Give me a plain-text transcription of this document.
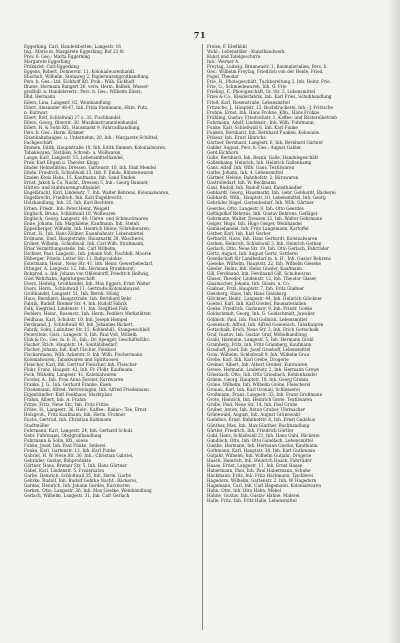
71

Eggerking, Carl, Handelsbotten, Langestr. 16

Ing.: Marie m. Margarete Eggerking, Rof 22 0t

Prov. 6. Geo.: Marta Eggerking

Margarete Eggerking

Prokurist: Carl Eggerking

Eggens, Robert, Donnerstr. 11, Kolonialwarenhandl.

Ebscholt, Wilhelm, Steinweg 2, Papierwarengroßhandlung.

Pers. h. Ges.: Ltd. Eickhoff Kfl. Prok.: Wilh. Eickhoff

Blume, Hermann Bangert 26, verw. Herm. Balbek, Wasser-

großhdl. n. Handelsvertr., Pers. h. Ges.: Wilhelm Eilers,

Ehd. Hermann

Eilers, Lina, Langestr. 82, Weinhandlung

Eilert, Alexander 48-47, Inh. Frida Steinmann, Hüte, Putz,

n. Kurzwar.

Eilert, Rolf, Schloßwall 27 u. 32, Fischhandel.

Eilers, Georg, Oberstr. 30, Musikinstrumentenhandel

Eilert, H. & Sohn Kfl., Hausmarkt 9, Fahrradhandlung,

Pers. h. Ges.: Herm. Krämer

Eisenbahnbauges. u. Unternehm. 20, Inh.: Margarete Schüttel,

Fachgeschäft

Emmen, Edith, Hauptstraße 10, Inh. Edith Emmen, Kolonialwaren,

Tabakwaren, Textilien, Schreib- u. Wollwaren

Lange, Karl, Langestr. 15, Lebensmittelhandel,

Prok. Karl Eitgen u. Theodor Klopp

Emder Heimstätten, Dressen, Gartenstr. 10, Inh. Emil Mendel

Emde, Friedrich, Schloßwall 13, Inh. F. Emde, Bürstenwaren

Emden Kreis Hans, 15, Kaufmann, Inh. Sand Emden

Ernst, Jakob & Co. Nachf., Dressen 5, Inh.: Georg Bannier,

Hütten- und Stahlwarengroßhandel

Engelbracht, Karl, Lindenstr. 7, Inh. Walter Behrens, Kolonialwaren,

Engelbrecht, Friedrich, Inh. Karl Engelbrecht,

Holzhandlung, Inh. 25, Inh. Karl Rechtern

Erben, Friedr., Inh. Peter Heinr. Weigelt

Englisch, Bruno, Schloßwall 10, Wollwaren

Englisch, Georg, Langestr. 40, Uhren- und Schmuckwaren

Enne, Johann, Inh. Magdalene, Kaufmann, Inh. Steinh.

Eppenberger, Wilhelm, Inh. Heinrich Bülow, Schreibwaren,

Ernst, H., Inh. Hans Zöllner, Eisenbahnstr. Lebensmittel

Erdmann, Emil, Hauptstraße, Hausmarkt 28, Wäscherei,

Erdner, Wilhelm, Schloßwall, Inh. Carl Wilh. Strahmann,

Erler Vermittlungsstelle, Inh. Carl Wilhelm,

Eschner, Paul, Langestr., Inh. Johann Voß, Fischhdl. Moorse

Eßberger, Frieda, Lotter Str. 11, Rohprodukte

Estermann, Heinr., Neue Str. 41, Inh. Heinr. Gewerbebedarf,

Ettinger, A. Langestr. 12, Inh. Hermann Brunkhorst,

Rohprod. u. Inh. Johann von Ohlendorff, Friedrich Hellwig,

Gust Wehrhahn, Agenturgeschäft

Evers, Hedwig, Großhandel, Inh. Max Eggers, Ernst Walter

Evers, Herm., Schloßwall 11, Gertrudis Kolonialwaren

Großhandel, Langestr. 51, Inh. Bernh. Hönig

Haus, Bernhard, Hauptstraße, Inh. Bernhard Behr

Fabrik, Rudolf, Bremer Str. 4, Inh. Rudolf Fabrik

Falk, Siegfried, Lindenstr. 11, Inh. Siegfried Falk

Fedders, Heinr., Rosenstr., Inh. Herm. Fedders Werkstätten

Feldhaus, Karl, Schulstr. 10, Inh. Joseph Hempel

Ferdinand, J., Schloßwall 40, Inh. Johannes Rickert,

Fabrik, Sohn, Laßnitzer Str. 15, Kohlenhdl., Stangenschleif,

Feuerstein, Gust., Langestr. 6, Inh. Paul Voß, Möbelh.

Fink & Co., Ges. m. b. H., Inh.: Dr. Spenger, Geschäftsführ.:

Fischer, Erich, Hauptstr. 14, Sanitätsbedarf,

Fischer, Johann, Inh. Kurt Fischer, Feinkost

Fischermann, Wilh. Ackerstr. 8, Inh. Wilh. Fischermann

Kolonialwaren, Tabakwaren und Spirituosen

Fleischer, Karl, Inh. Gertrud Fleischer, Inh. Fleischer

Flohr, Franz, Haupstr. 42, Inh. Fr. Flohr, Kaufmann

Fock, Wilhelm, Langestr. 41, Kolonialwaren

Forster, A., Inh. Frau Anna Forster, Kurzwaren

Franke, J. G., Inh. Gerhard Franke, Eisen

Friedemann, Alfred, Vertretungen, Inh. Alfred Friedemann

Eigenhändler: Karl Fenkhaus, Marktplatz

Frahm, Albert, Inh. A. Frahm

Fritze, Fritz, Neue Str., Inh. Fritz Fritze

Fröbe, H., Langestr. 36, Holz-, Kaffee-, Kakao-, Tee, Ernst

Holzgroß., Fritz Kaufmann, Inh. Herm. Frohner

Fuchs, Gertrud, Inh. Christian Kuhlmann

Stadtmüller

Fuhrmann, Karl, Langestr. 24, Inh. Gerhard Schulz

Gebr. Fuhrmann, Obstgroßhandlung

Fuhrmann & Sohn, Kfl., sowie

Funke, Josef, Inh. Paul Funke, Seilerei

Funke, Karl, Gartenstr. 13, Inh. Karl Funke

Gabriel, H. W. Neue Str. 30, Inh.: Christian Gabriel,

Gebrüder, Gustav, Rohprodukte

Gärtner, Hans, Bremer Str. 5, Inh. Hans Gärtner

Gäbel, Karl, Lindenstr. 5, Frisiersalon

Garbe, Heinrich, Schloßwall 35, Inh. Herm. Garbe

Gehrke, Rudolf, Inh. Rudolf Gehrke Nachf., Bäckerei,

Gerdes, Heinrich, Inh. Johann Gerdes, Kurzwaren

Gerken, Otto, Langestr. 36, Inh. Max Goetke, Weinhandlung

Gerlach, Wilhelm, Langestr. 31, Inh. Carl Gerlach

Freise, F. Ebelkühl

Wohl.: Lebenstöfer - Kunsthandwerk

Kunst und Tafelgeschirre

Inh.: Werner A.

Freytag, Ludwig, Brunnenstr. 1, Baumaterialien, Pers. h.

Ges.: Wilhelm Freytag, Friedrich von der Heide, Fried.

Pogel, Theodor

Frie, H., Photogeschäft, Tuchbereitung 2, Inh. Heinr. Frie,

Frie, G., Schmiedewaren, Inh. G. Frie

Frieling, F., Photogeschäft, Gr. Str. 5, Lebensmittel

Fries & Co., Kleiderfabrik, Inh. Karl Fries, Schuhhandlung

Frieß, Karl, Rosenstraße, Lebensmittel

Fritzsche, J., Hauptstr. 12, Buchdruckerei, Inh.: J. Fritzsche

Frohne, Ernst, Inh. Hans Frohne, Kfm., Hans Frohne

Frühling, Gustav, Friedrichstr. 1, Kaffee- und Röstereibetrieb

Fuhrmann, Adolf, Lindenstr., Inh. Wilh. Fuhrmann,

Funke, Karl, Schloßwall 6, Inh. Karl Funke

Funken, Bernhard, Inh. Bernhard Funken, Kolonialw.

Friseur, Inh. Ernst Hinrichs

Gärtner, Bernhard, Langestr. 6, Inh. Bernhard Gärtner

Gabler, August, Pers. h. Ges.: August Gabler,

Gerd Eichhorn

Galle, Bernhard, Inh. Bernh. Galle, Handelsgeschäft

Gallenkamp, Heinrich, Inh. Heinrich Gallenkamp

Gans, Adolf, Inh. Wilh. Gans, Textilwaren

Garbe, Johann, Inh. 4, Lebensmittel

Gärtner, Helene, Bahnhofstr. 2, Bürowaren

Gastrobedarf, Inh. W. Beckmann

Gaul, Rudolf, Inh. Rudolf Gaul, Kunsthändler

Gebhardt, Georg, Hausmarkt, Inh. Gebr. Gebhardt, Bäckerei

Gebhardt, Wilh., Hauptstr. 10, Lebensmittel, Inh. Georg

Gebrüder Nagel, Gartenbedarf, Inh. Wilh. Gärtner

Geerdes, Otto, Langestr. 8, Inh. Otto Geerdes

Geflügelhof Behrens, Inh. Gustav Behrens, Geflügel-

Gehrmann, Walter, Dressen 12, Inh. Walter Gehrmann

Geiger, Hugo, Inh. Hugo Geiger, Weinhandel

Gemüsehandel, Inh. Fritz Langemann, Kartoffel

Gerber, Karl, Inh. Karl Gerber

Gerhardt, Hans, Inh. Hans Gerhardt, Kolonialwaren

Gerken, Heinrich, Schloßwall 3, Inh. Heinrich Gerken

Gerlach, Otto, Neue Str. 19, Inh. Otto Gerlach, Fahrräder

Gertz, August, Inh. August Gertz, Sattlerei

Gesellschaft für Landbedarf m. b. H., Inh. Gustav Behrens

Gieseke, Wilhelm, Hauptstr. 22, Inh. Wilhelm Gieseke

Giesler, Heinz, Inh. Heinz Giesler, Kaufmann

Gill, Ferdinand, Inh. Ferdinand Gill, Schuhwaren

Glaser, Theodor, Lindenstr. 12, Inh. Theodor Glaser,

Glasmacher, Johann, Inh. Glasm. u. Co.

Glaßner, Fritz, Hauptstr. 7, Inh. Fritz Glaßner

Gleisberg, Hans, Inh. Hans Gleisberg

Glöckner, Heinr., Langestr. 44, Inh. Heinrich Glöckner

Goebel, Karl, Inh. Karl Goebel, Baumaterialien

Goeke, Friedrich, Gartenstr. 9, Inh. Friedr. Goeke

Goldschmidt, Georg, Inh. G. Goldschmidt, Juwelier

Gollnick, Paul, Inh. Paul Gollnick, Lebensmittel

Gosewisch, Alfred, Inh. Alfred Gosewisch, Tabakwaren

Gottschalk, Erich, Neue Str. 3, Inh. Erich Gottschalk

Graf, Gustav, Inh. Gustav Graf, Möbelhandlung

Grahl, Hermann, Langestr. 5, Inh. Hermann Grahl

Gramberg, Fritz, Inh. Fritz Gramberg, Kaufmann

Grashoff, Josef, Inh. Josef Grashoff, Lebensmittel

Grau, Wilhelm, Schloßwall 9, Inh. Wilhelm Grau

Grebe, Karl, Inh. Karl Grebe, Drogerie

Greiner, Albert, Inh. Albert Greiner, Kurzwaren

Grewe, Hermann, Lindenstr. 2, Inh. Hermann Grewe

Griesbach, Otto, Inh. Otto Griesbach, Kohlenhandel

Grimm, Georg, Hauptstr. 18, Inh. Georg Grimm

Gröne, Wilhelm, Inh. Wilhelm Gröne, Fleischerei

Gronau, Karl, Inh. Karl Gronau, Schlosserei

Großmann, Franz, Langestr. 33, Inh. Franz Großmann

Grote, Heinrich, Inh. Heinrich Grote, Textilwaren

Grube, Paul, Neue Str. 14, Inh. Paul Grube

Gruber, Anton, Inh. Anton Gruber, Uhrmacher

Grünewald, August, Inh. August Grünewald

Gudehus, Ernst, Bahnhofstr. 6, Inh. Ernst Gudehus

Günther, Max, Inh. Max Günther, Buchhandlung

Gürtler, Friedrich, Inh. Friedrich Gürtler

Guhl, Hans, Schloßwall 21, Inh. Hans Guhl, Bäckerei

Gundlach, Otto, Inh. Otto Gundlach, Lebensmittel

Gustke, Hermann, Inh. Hermann Gustke, Kaufmann

Guthmann, Karl, Hauptstr. 30, Inh. Karl Guthmann

Gutjahr, Wilhelm, Inh. Wilhelm Gutjahr, Drogerie

Haack, Heinrich, Inh. Heinrich Haack, Fahrräder

Haase, Ernst, Langestr. 11, Inh. Ernst Haase

Habermann, Paul, Inh. Paul Habermann, Schuhe

Hackmann, Fritz, Inh. Fritz Hackmann, Tischlerei

Hagedorn, Wilhelm, Gartenstr. 2, Inh. W. Hagedorn

Hagemann, Carl, Inh. Carl Hagemann, Kolonialwaren

Hahn, Otto, Inh. Otto Hahn, Möbel

Hahne, Gustav, Inh. Gustav Hahne, Malerei

Halle, Fritz, Inh. Fritz Halle, Lebensmittel
